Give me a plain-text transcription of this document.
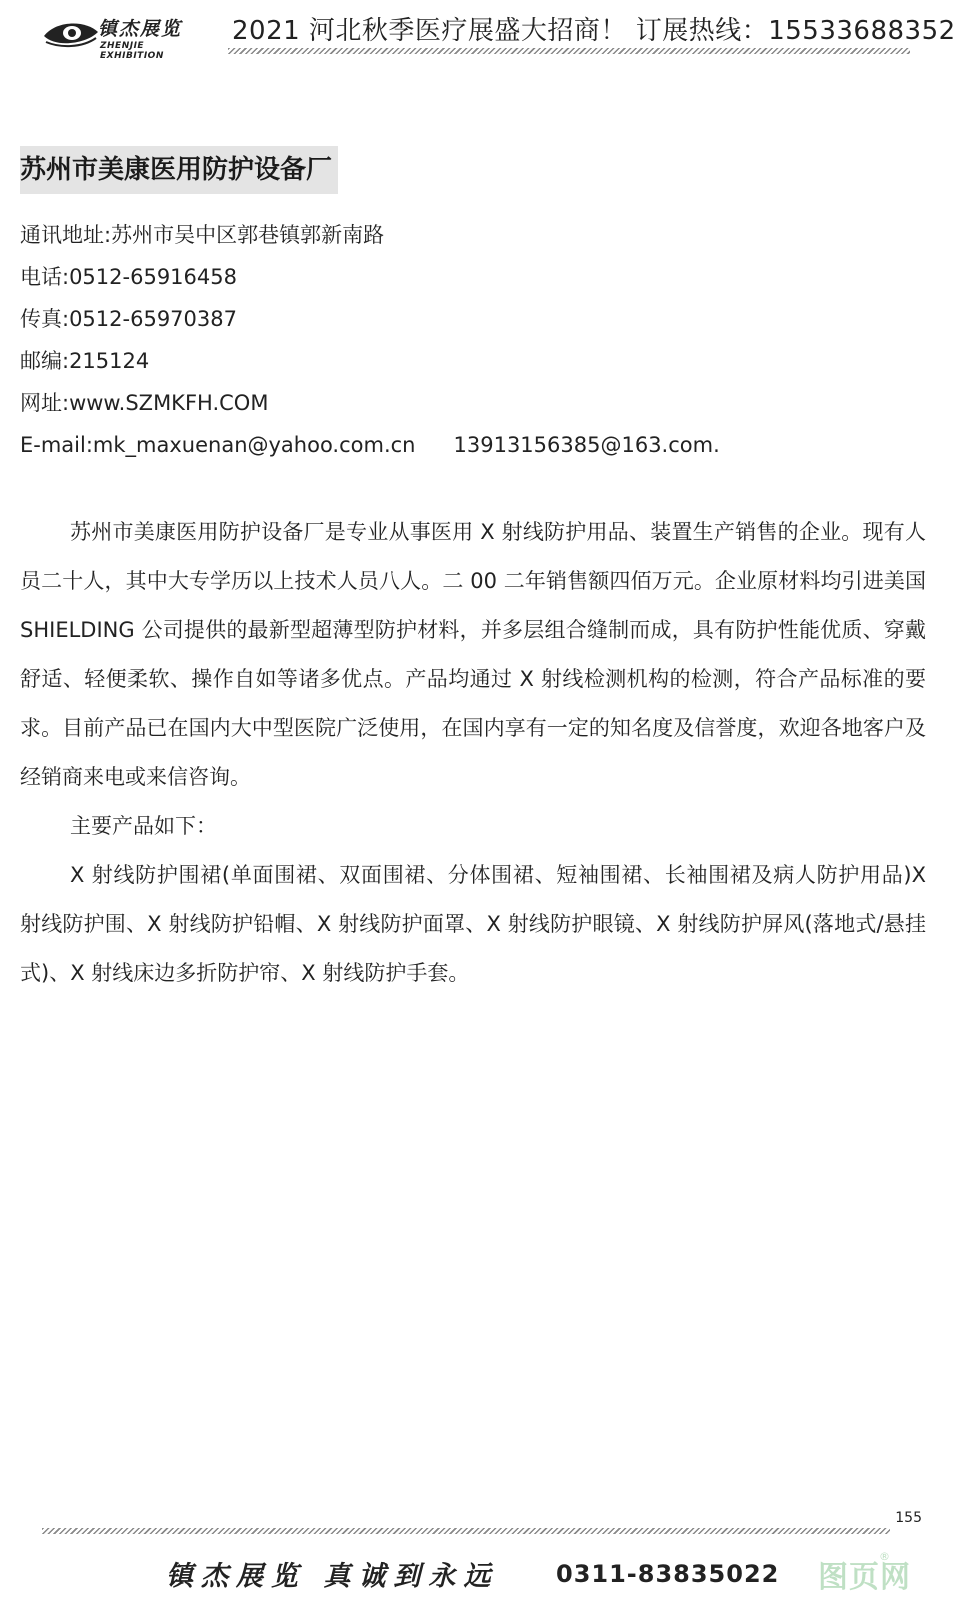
镇杰展览
ZHENJIE EXHIBITION
2021 河北秋季医疗展盛大招商！ 订展热线：15533688352
苏州市美康医用防护设备厂
通讯地址:苏州市吴中区郭巷镇郭新南路
电话:0512-65916458
传真:0512-65970387
邮编:215124
网址:www.SZMKFH.COM
E-mail:mk_maxuenan@yahoo.com.cn 13913156385@163.com.

苏州市美康医用防护设备厂是专业从事医用 X 射线防护用品、装置生产销售的企业。现有人员二十人，其中大专学历以上技术人员八人。二 00 二年销售额四佰万元。企业原材料均引进美国 SHIELDING 公司提供的最新型超薄型防护材料，并多层组合缝制而成，具有防护性能优质、穿戴舒适、轻便柔软、操作自如等诸多优点。产品均通过 X 射线检测机构的检测，符合产品标准的要求。目前产品已在国内大中型医院广泛使用，在国内享有一定的知名度及信誉度，欢迎各地客户及经销商来电或来信咨询。

主要产品如下：

X 射线防护围裙(单面围裙、双面围裙、分体围裙、短袖围裙、长袖围裙及病人防护用品)X 射线防护围、X 射线防护铅帽、X 射线防护面罩、X 射线防护眼镜、X 射线防护屏风(落地式/悬挂式)、X 射线床边多折防护帘、X 射线防护手套。

155
镇杰展览 真诚到永远 0311-83835022 图页网
®
